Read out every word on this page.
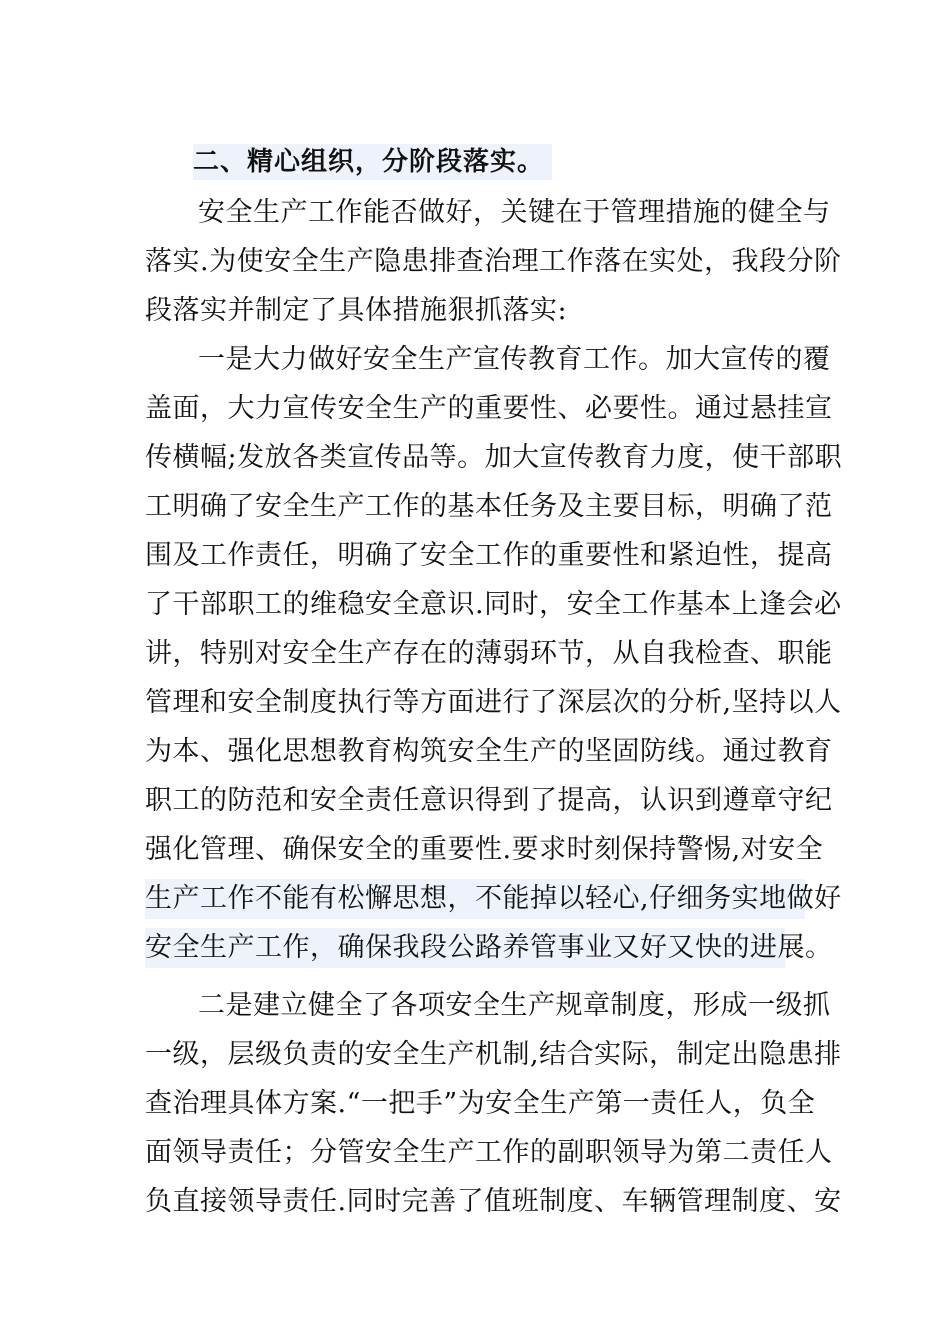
二、精心组织，分阶段落实。
安全生产工作能否做好，关键在于管理措施的健全与
落实.为使安全生产隐患排查治理工作落在实处，我段分阶
段落实并制定了具体措施狠抓落实:
一是大力做好安全生产宣传教育工作。加大宣传的覆
盖面，大力宣传安全生产的重要性、必要性。通过悬挂宣
传横幅;发放各类宣传品等。加大宣传教育力度，使干部职
工明确了安全生产工作的基本任务及主要目标，明确了范
围及工作责任，明确了安全工作的重要性和紧迫性，提高
了干部职工的维稳安全意识.同时，安全工作基本上逢会必
讲，特别对安全生产存在的薄弱环节，从自我检查、职能
管理和安全制度执行等方面进行了深层次的分析,坚持以人
为本、强化思想教育构筑安全生产的坚固防线。通过教育
职工的防范和安全责任意识得到了提高，认识到遵章守纪
强化管理、确保安全的重要性.要求时刻保持警惕,对安全
生产工作不能有松懈思想，不能掉以轻心,仔细务实地做好
安全生产工作，确保我段公路养管事业又好又快的进展。
二是建立健全了各项安全生产规章制度，形成一级抓
一级，层级负责的安全生产机制,结合实际，制定出隐患排
查治理具体方案.“一把手”为安全生产第一责任人，负全
面领导责任；分管安全生产工作的副职领导为第二责任人
负直接领导责任.同时完善了值班制度、车辆管理制度、安
